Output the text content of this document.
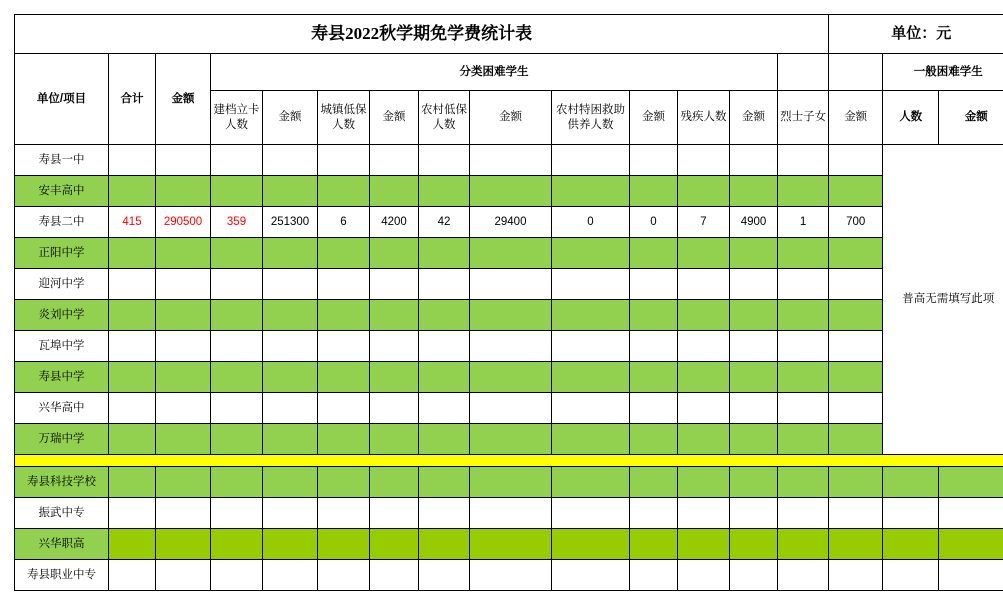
寿县2022秋学期免学费统计表														单位：元		
单位/项目	合计	金额	分类困难学生												一般困难学生	
			建档立卡人数	金额	城镇低保人数	金额	农村低保人数	金额	农村特困救助供养人数	金额	残疾人数	金额	烈士子女	金额	人数	金额
寿县一中															普高无需填写此项	
安丰高中																
寿县二中	415	290500	359	251300	6	4200	42	29400	0	0	7	4900	1	700		
正阳中学																
迎河中学																
炎刘中学																
瓦埠中学																
寿县中学																
兴华高中																
万瑞中学																

寿县科技学校																
振武中专																
兴华职高																
寿县职业中专																
